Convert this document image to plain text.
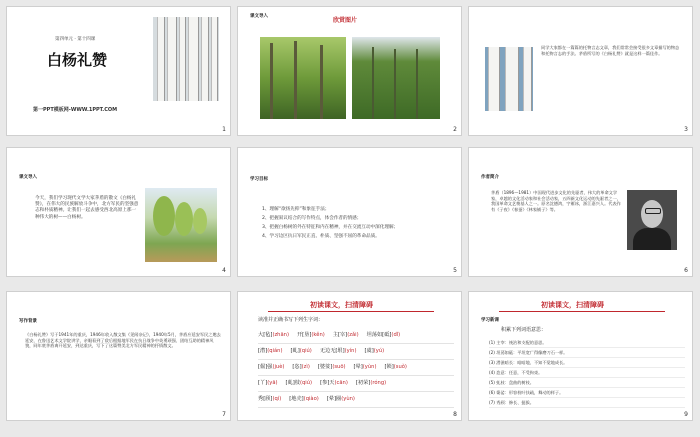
第四单元 · 第十四课
白杨礼赞
第一PPT模板网-WWW.1PPT.COM
1
课文导入
欣赏图片
2
同学大家都在一篇篇的托物言志文章，我们常常会接受很多文章描写的物态和托物言志的手法。茅盾所写的《白杨礼赞》就是这样一篇佳作。
3
课文导入
今天，我们学习现代文学大家茅盾的散文《白杨礼赞》，在伟大的民族解放斗争中，北方军民的坚强意志和朴质精神。让我们一起去感受西北高原上那一种伟大的树——白杨树。
4
学习目标
1、理解“欲扬先抑”和象征手法；
2、把握叙议结合的写作特点，体会作者的情感；
3、把握白杨树的外在特征和内在精神，并在交流互动中深化理解；
4、学习边区抗日军民正直、朴质、坚强不屈的革命品质。
5
作者简介
茅盾（1896—1981）中国现代进步文化的先驱者，伟大的革命文学家，卓越的文化活动家和社会活动家，五四新文化运动的先驱者之一，我国革命文艺奠基人之一。原名沈德鸿，字雁冰，浙江嘉兴人。代表作有《子夜》《春蚕》《林家铺子》等。
6
写作背景
《白杨礼赞》写于1941年的重庆，1946年收入散文集《见闻杂记》，1940年5月，茅盾应延安军民之邀去延安，在鲁迅艺术文学院讲学，亲眼看到了敌后根据地军民在抗日战争中英勇顽强、团结互助的精神风貌，同年底茅盾离开延安，到达重庆，写下了这篇赞美北方军民精神的抒情散文。
7
初读课文，扫清障碍
读准并正确书写下列生字词：
大[毡](zhān) 开[垦](kěn) 主[宰](zǎi) 坦荡如[砥](dǐ)
[潜](qián) [虬](qiú) 无边无[垠](yín) [虞](yú)
[倔]强(juè) [恣](zì) [婆娑](suō) [晕](yùn) [锁](suǒ)
[丫](yā) [虬]枝(qiú) [参]天(cān) [初荣](róng)
秀[颀](qí) [地壳](qiào) [晕]圈(yùn)
8
学习新课
初读课文，扫清障碍
积累下列词语意思：
(1) 主宰：统治和支配的意思。
(2) 坦荡如砥：平坦宽广得像磨刀石一样。
(3) 潜滋暗长：暗暗地、不知不觉地成长。
(4) 恣意：任意，不受拘束。
(5) 虬枝：盘曲的树枝。
(6) 婆娑：形容枝叶扶疏，舞动的样子。
(7) 秀颀：修长、挺拔。
9
